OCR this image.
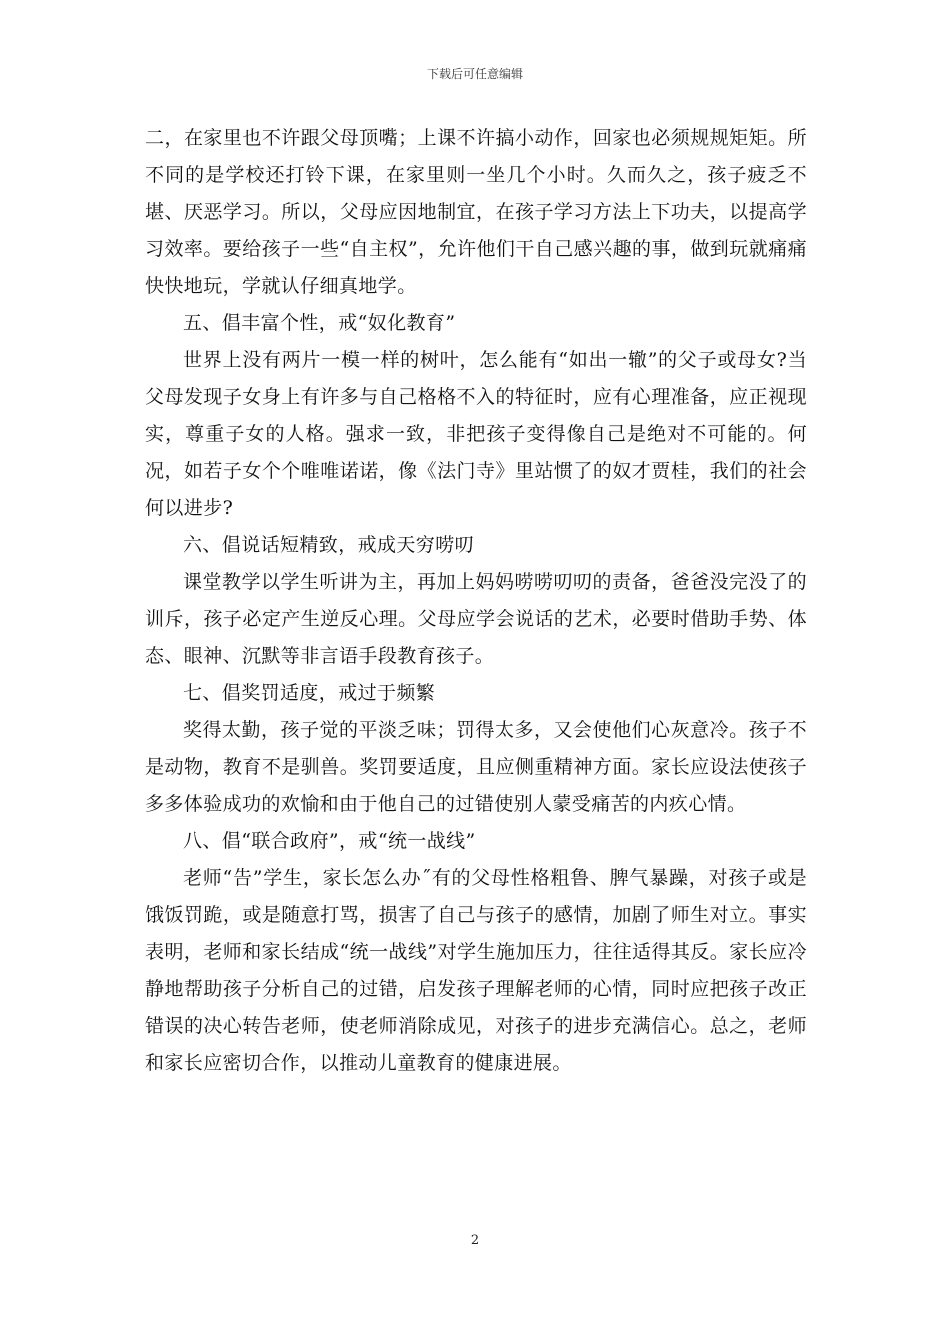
下载后可任意编辑

二，在家里也不许跟父母顶嘴；上课不许搞小动作，回家也必须规规矩矩。所不同的是学校还打铃下课，在家里则一坐几个小时。久而久之，孩子疲乏不堪、厌恶学习。所以，父母应因地制宜，在孩子学习方法上下功夫，以提高学习效率。要给孩子一些“自主权”，允许他们干自己感兴趣的事，做到玩就痛痛快快地玩，学就认仔细真地学。

五、倡丰富个性，戒“奴化教育”

世界上没有两片一模一样的树叶，怎么能有“如出一辙”的父子或母女?当父母发现子女身上有许多与自己格格不入的特征时，应有心理准备，应正视现实，尊重子女的人格。强求一致，非把孩子变得像自己是绝对不可能的。何况，如若子女个个唯唯诺诺，像《法门寺》里站惯了的奴才贾桂，我们的社会何以进步?

六、倡说话短精致，戒成天穷唠叨

课堂教学以学生听讲为主，再加上妈妈唠唠叨叨的责备，爸爸没完没了的训斥，孩子必定产生逆反心理。父母应学会说话的艺术，必要时借助手势、体态、眼神、沉默等非言语手段教育孩子。

七、倡奖罚适度，戒过于频繁

奖得太勤，孩子觉的平淡乏味；罚得太多，又会使他们心灰意冷。孩子不是动物，教育不是驯兽。奖罚要适度，且应侧重精神方面。家长应设法使孩子多多体验成功的欢愉和由于他自己的过错使别人蒙受痛苦的内疚心情。

八、倡“联合政府”，戒“统一战线”

老师“告”学生，家长怎么办˝有的父母性格粗鲁、脾气暴躁，对孩子或是饿饭罚跪，或是随意打骂，损害了自己与孩子的感情，加剧了师生对立。事实表明，老师和家长结成“统一战线”对学生施加压力，往往适得其反。家长应冷静地帮助孩子分析自己的过错，启发孩子理解老师的心情，同时应把孩子改正错误的决心转告老师，使老师消除成见，对孩子的进步充满信心。总之，老师和家长应密切合作，以推动儿童教育的健康进展。

2
